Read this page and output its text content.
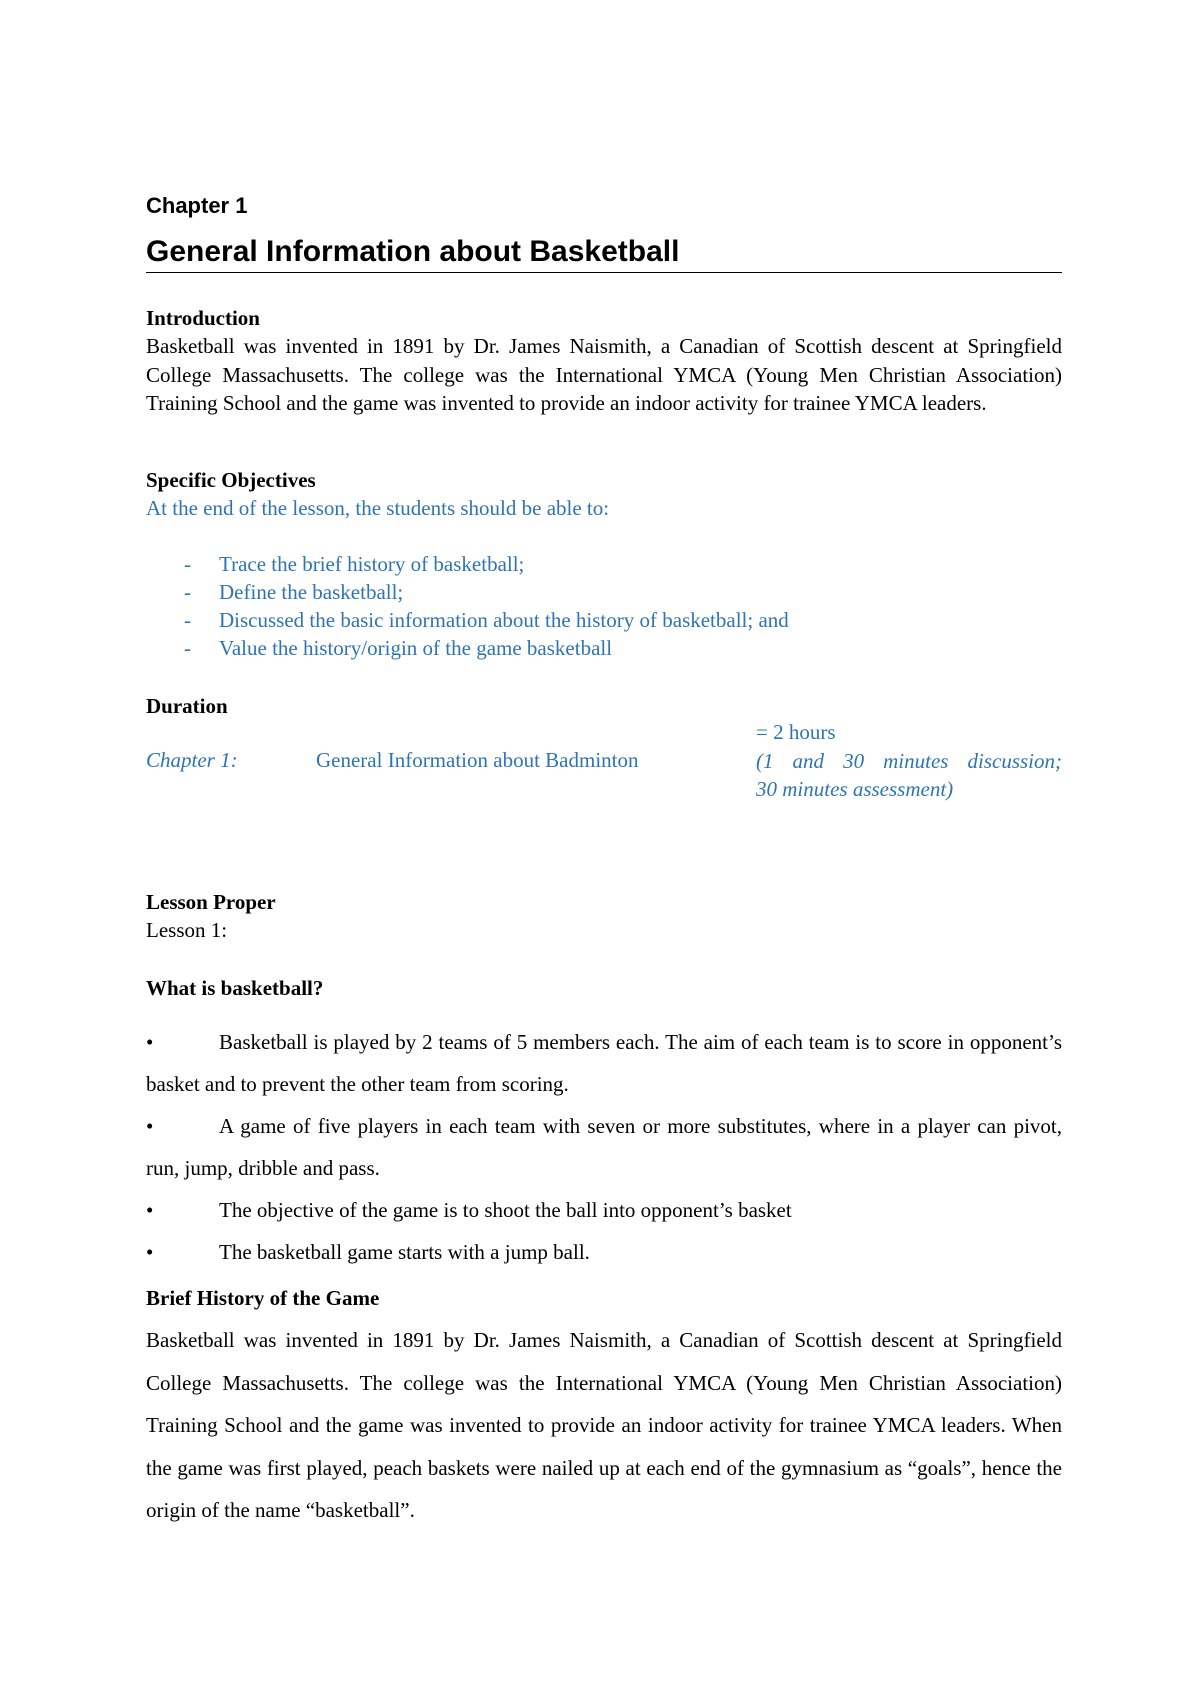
Chapter 1

General Information about Basketball

Introduction

Basketball was invented in 1891 by Dr. James Naismith, a Canadian of Scottish descent at Springfield College Massachusetts. The college was the International YMCA (Young Men Christian Association) Training School and the game was invented to provide an indoor activity for trainee YMCA leaders.

Specific Objectives

At the end of the lesson, the students should be able to:

- Trace the brief history of basketball;
- Define the basketball;
- Discussed the basic information about the history of basketball; and
- Value the history/origin of the game basketball

Duration

Chapter 1:	General Information about Badminton
= 2 hours
(1 and 30 minutes discussion;
30 minutes assessment)

Lesson Proper

Lesson 1:

What is basketball?

•	Basketball is played by 2 teams of 5 members each. The aim of each team is to score in opponent’s basket and to prevent the other team from scoring.
•	A game of five players in each team with seven or more substitutes, where in a player can pivot, run, jump, dribble and pass.
•	The objective of the game is to shoot the ball into opponent’s basket
•	The basketball game starts with a jump ball.

Brief History of the Game

Basketball was invented in 1891 by Dr. James Naismith, a Canadian of Scottish descent at Springfield College Massachusetts. The college was the International YMCA (Young Men Christian Association) Training School and the game was invented to provide an indoor activity for trainee YMCA leaders. When the game was first played, peach baskets were nailed up at each end of the gymnasium as “goals”, hence the origin of the name “basketball”.
